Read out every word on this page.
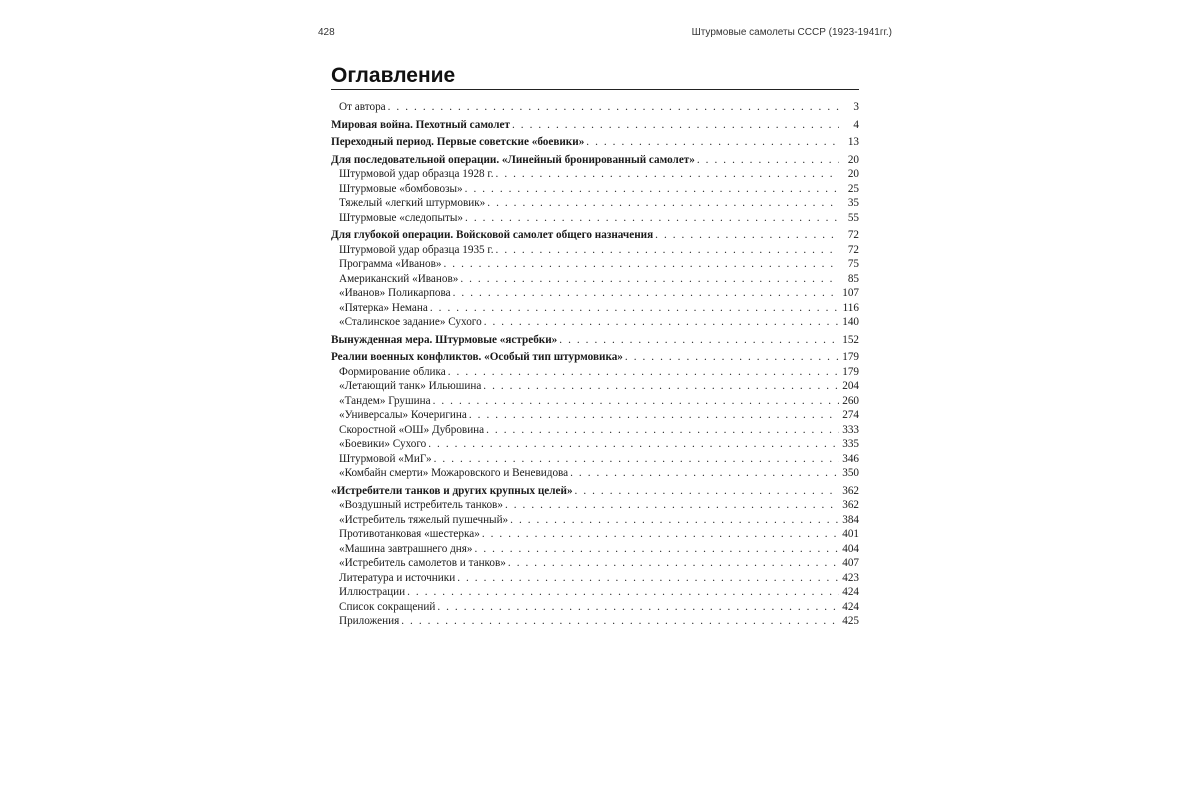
428	Штурмовые самолеты СССР (1923-1941гг.)
Оглавление
От автора . . .	3
Мировая война. Пехотный самолет . . .	4
Переходный период. Первые советские «боевики» . . .	13
Для последовательной операции. «Линейный бронированный самолет» . . .	20
Штурмовой удар образца 1928 г. . . .	20
Штурмовые «бомбовозы» . . .	25
Тяжелый «легкий штурмовик» . . .	35
Штурмовые «следопыты» . . .	55
Для глубокой операции. Войсковой самолет общего назначения . . .	72
Штурмовой удар образца 1935 г. . . .	72
Программа «Иванов» . . .	75
Американский «Иванов» . . .	85
«Иванов» Поликарпова . . .	107
«Пятерка» Немана . . .	116
«Сталинское задание» Сухого . . .	140
Вынужденная мера. Штурмовые «ястребки» . . .	152
Реалии военных конфликтов. «Особый тип штурмовика» . . .	179
Формирование облика . . .	179
«Летающий танк» Ильюшина . . .	204
«Тандем» Грушина . . .	260
«Универсалы» Кочеригина . . .	274
Скоростной «ОШ» Дубровина . . .	333
«Боевики» Сухого . . .	335
Штурмовой «МиГ» . . .	346
«Комбайн смерти» Можаровского и Веневидова . . .	350
«Истребители танков и других крупных целей» . . .	362
«Воздушный истребитель танков» . . .	362
«Истребитель тяжелый пушечный» . . .	384
Противотанковая «шестерка» . . .	401
«Машина завтрашнего дня» . . .	404
«Истребитель самолетов и танков» . . .	407
Литература и источники . . .	423
Иллюстрации . . .	424
Список сокращений . . .	424
Приложения . . .	425
